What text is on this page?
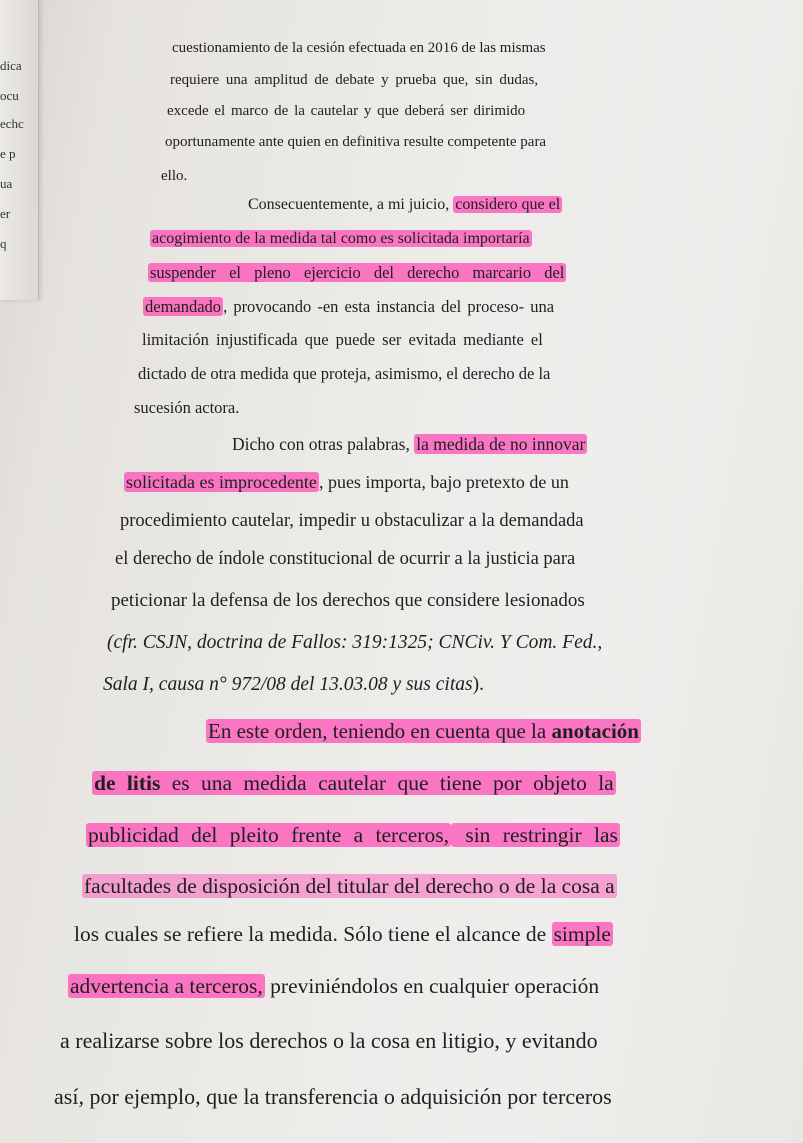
dica
ocu
echc
e p
ua
er
q
cuestionamiento de la cesión efectuada en 2016 de las mismas
requiere una amplitud de debate y prueba que, sin dudas,
excede el marco de la cautelar y que deberá ser dirimido
oportunamente ante quien en definitiva resulte competente para
ello.
Consecuentemente, a mi juicio, considero que el
acogimiento de la medida tal como es solicitada importaría
suspender el pleno ejercicio del derecho marcario del
demandado , provocando -en esta instancia del proceso- una
limitación injustificada que puede ser evitada mediante el
dictado de otra medida que proteja, asimismo, el derecho de la
sucesión actora.
Dicho con otras palabras, la medida de no innovar
solicitada es improcedente , pues importa, bajo pretexto de un
procedimiento cautelar, impedir u obstaculizar a la demandada
el derecho de índole constitucional de ocurrir a la justicia para
peticionar la defensa de los derechos que considere lesionados
(cfr. CSJN, doctrina de Fallos: 319:1325; CNCiv. Y Com. Fed.,
Sala I, causa n° 972/08 del 13.03.08 y sus citas).
En este orden, teniendo en cuenta que la anotación
de litis es una medida cautelar que tiene por objeto la
publicidad del pleito frente a terceros, sin restringir las
facultades de disposición del titular del derecho o de la cosa a
los cuales se refiere la medida. Sólo tiene el alcance de simple
advertencia a terceros, previniéndolos en cualquier operación
a realizarse sobre los derechos o la cosa en litigio, y evitando
así, por ejemplo, que la transferencia o adquisición por terceros
